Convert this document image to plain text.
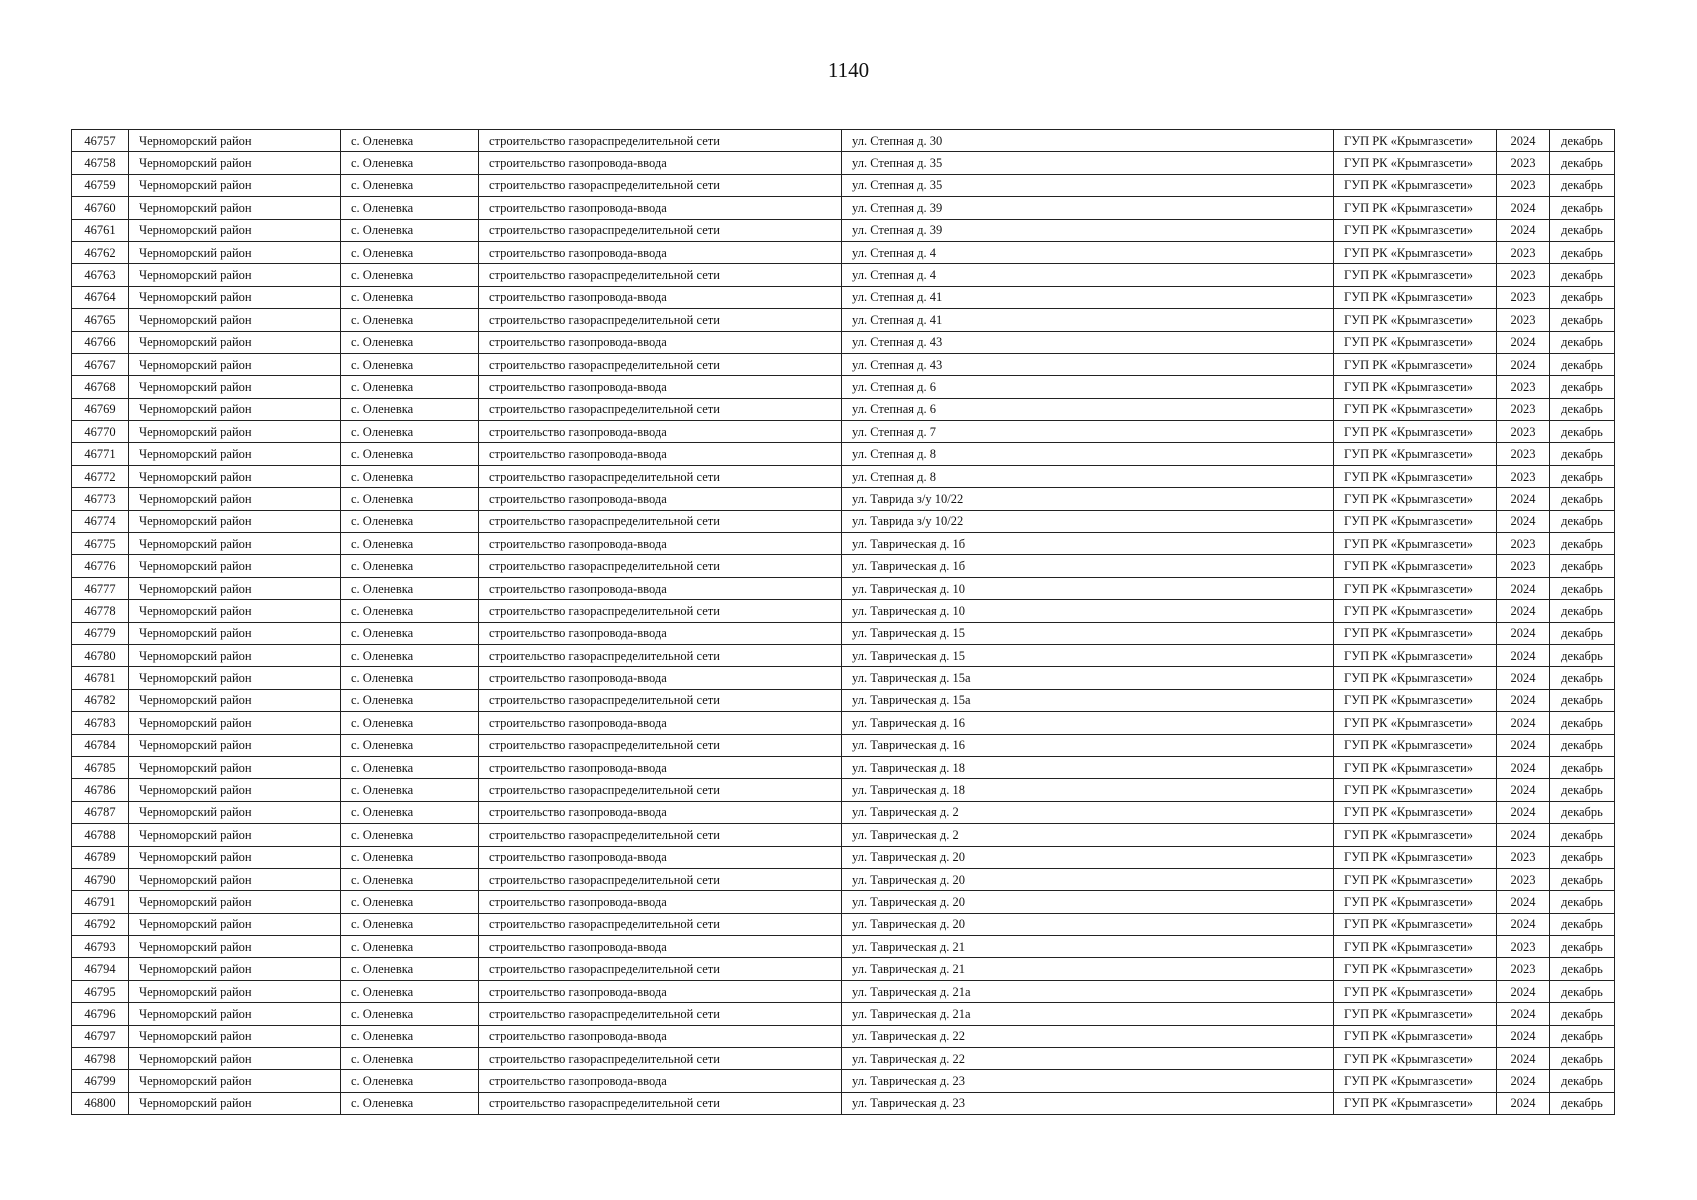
1140
46757	Черноморский район	с. Оленевка	строительство газораспределительной сети	ул. Степная д. 30	ГУП РК «Крымгазсети»	2024	декабрь
46758	Черноморский район	с. Оленевка	строительство газопровода-ввода	ул. Степная д. 35	ГУП РК «Крымгазсети»	2023	декабрь
46759	Черноморский район	с. Оленевка	строительство газораспределительной сети	ул. Степная д. 35	ГУП РК «Крымгазсети»	2023	декабрь
46760	Черноморский район	с. Оленевка	строительство газопровода-ввода	ул. Степная д. 39	ГУП РК «Крымгазсети»	2024	декабрь
46761	Черноморский район	с. Оленевка	строительство газораспределительной сети	ул. Степная д. 39	ГУП РК «Крымгазсети»	2024	декабрь
46762	Черноморский район	с. Оленевка	строительство газопровода-ввода	ул. Степная д. 4	ГУП РК «Крымгазсети»	2023	декабрь
46763	Черноморский район	с. Оленевка	строительство газораспределительной сети	ул. Степная д. 4	ГУП РК «Крымгазсети»	2023	декабрь
46764	Черноморский район	с. Оленевка	строительство газопровода-ввода	ул. Степная д. 41	ГУП РК «Крымгазсети»	2023	декабрь
46765	Черноморский район	с. Оленевка	строительство газораспределительной сети	ул. Степная д. 41	ГУП РК «Крымгазсети»	2023	декабрь
46766	Черноморский район	с. Оленевка	строительство газопровода-ввода	ул. Степная д. 43	ГУП РК «Крымгазсети»	2024	декабрь
46767	Черноморский район	с. Оленевка	строительство газораспределительной сети	ул. Степная д. 43	ГУП РК «Крымгазсети»	2024	декабрь
46768	Черноморский район	с. Оленевка	строительство газопровода-ввода	ул. Степная д. 6	ГУП РК «Крымгазсети»	2023	декабрь
46769	Черноморский район	с. Оленевка	строительство газораспределительной сети	ул. Степная д. 6	ГУП РК «Крымгазсети»	2023	декабрь
46770	Черноморский район	с. Оленевка	строительство газопровода-ввода	ул. Степная д. 7	ГУП РК «Крымгазсети»	2023	декабрь
46771	Черноморский район	с. Оленевка	строительство газопровода-ввода	ул. Степная д. 8	ГУП РК «Крымгазсети»	2023	декабрь
46772	Черноморский район	с. Оленевка	строительство газораспределительной сети	ул. Степная д. 8	ГУП РК «Крымгазсети»	2023	декабрь
46773	Черноморский район	с. Оленевка	строительство газопровода-ввода	ул. Таврида з/у 10/22	ГУП РК «Крымгазсети»	2024	декабрь
46774	Черноморский район	с. Оленевка	строительство газораспределительной сети	ул. Таврида з/у 10/22	ГУП РК «Крымгазсети»	2024	декабрь
46775	Черноморский район	с. Оленевка	строительство газопровода-ввода	ул. Таврическая д. 1б	ГУП РК «Крымгазсети»	2023	декабрь
46776	Черноморский район	с. Оленевка	строительство газораспределительной сети	ул. Таврическая д. 1б	ГУП РК «Крымгазсети»	2023	декабрь
46777	Черноморский район	с. Оленевка	строительство газопровода-ввода	ул. Таврическая д. 10	ГУП РК «Крымгазсети»	2024	декабрь
46778	Черноморский район	с. Оленевка	строительство газораспределительной сети	ул. Таврическая д. 10	ГУП РК «Крымгазсети»	2024	декабрь
46779	Черноморский район	с. Оленевка	строительство газопровода-ввода	ул. Таврическая д. 15	ГУП РК «Крымгазсети»	2024	декабрь
46780	Черноморский район	с. Оленевка	строительство газораспределительной сети	ул. Таврическая д. 15	ГУП РК «Крымгазсети»	2024	декабрь
46781	Черноморский район	с. Оленевка	строительство газопровода-ввода	ул. Таврическая д. 15а	ГУП РК «Крымгазсети»	2024	декабрь
46782	Черноморский район	с. Оленевка	строительство газораспределительной сети	ул. Таврическая д. 15а	ГУП РК «Крымгазсети»	2024	декабрь
46783	Черноморский район	с. Оленевка	строительство газопровода-ввода	ул. Таврическая д. 16	ГУП РК «Крымгазсети»	2024	декабрь
46784	Черноморский район	с. Оленевка	строительство газораспределительной сети	ул. Таврическая д. 16	ГУП РК «Крымгазсети»	2024	декабрь
46785	Черноморский район	с. Оленевка	строительство газопровода-ввода	ул. Таврическая д. 18	ГУП РК «Крымгазсети»	2024	декабрь
46786	Черноморский район	с. Оленевка	строительство газораспределительной сети	ул. Таврическая д. 18	ГУП РК «Крымгазсети»	2024	декабрь
46787	Черноморский район	с. Оленевка	строительство газопровода-ввода	ул. Таврическая д. 2	ГУП РК «Крымгазсети»	2024	декабрь
46788	Черноморский район	с. Оленевка	строительство газораспределительной сети	ул. Таврическая д. 2	ГУП РК «Крымгазсети»	2024	декабрь
46789	Черноморский район	с. Оленевка	строительство газопровода-ввода	ул. Таврическая д. 20	ГУП РК «Крымгазсети»	2023	декабрь
46790	Черноморский район	с. Оленевка	строительство газораспределительной сети	ул. Таврическая д. 20	ГУП РК «Крымгазсети»	2023	декабрь
46791	Черноморский район	с. Оленевка	строительство газопровода-ввода	ул. Таврическая д. 20	ГУП РК «Крымгазсети»	2024	декабрь
46792	Черноморский район	с. Оленевка	строительство газораспределительной сети	ул. Таврическая д. 20	ГУП РК «Крымгазсети»	2024	декабрь
46793	Черноморский район	с. Оленевка	строительство газопровода-ввода	ул. Таврическая д. 21	ГУП РК «Крымгазсети»	2023	декабрь
46794	Черноморский район	с. Оленевка	строительство газораспределительной сети	ул. Таврическая д. 21	ГУП РК «Крымгазсети»	2023	декабрь
46795	Черноморский район	с. Оленевка	строительство газопровода-ввода	ул. Таврическая д. 21а	ГУП РК «Крымгазсети»	2024	декабрь
46796	Черноморский район	с. Оленевка	строительство газораспределительной сети	ул. Таврическая д. 21а	ГУП РК «Крымгазсети»	2024	декабрь
46797	Черноморский район	с. Оленевка	строительство газопровода-ввода	ул. Таврическая д. 22	ГУП РК «Крымгазсети»	2024	декабрь
46798	Черноморский район	с. Оленевка	строительство газораспределительной сети	ул. Таврическая д. 22	ГУП РК «Крымгазсети»	2024	декабрь
46799	Черноморский район	с. Оленевка	строительство газопровода-ввода	ул. Таврическая д. 23	ГУП РК «Крымгазсети»	2024	декабрь
46800	Черноморский район	с. Оленевка	строительство газораспределительной сети	ул. Таврическая д. 23	ГУП РК «Крымгазсети»	2024	декабрь
